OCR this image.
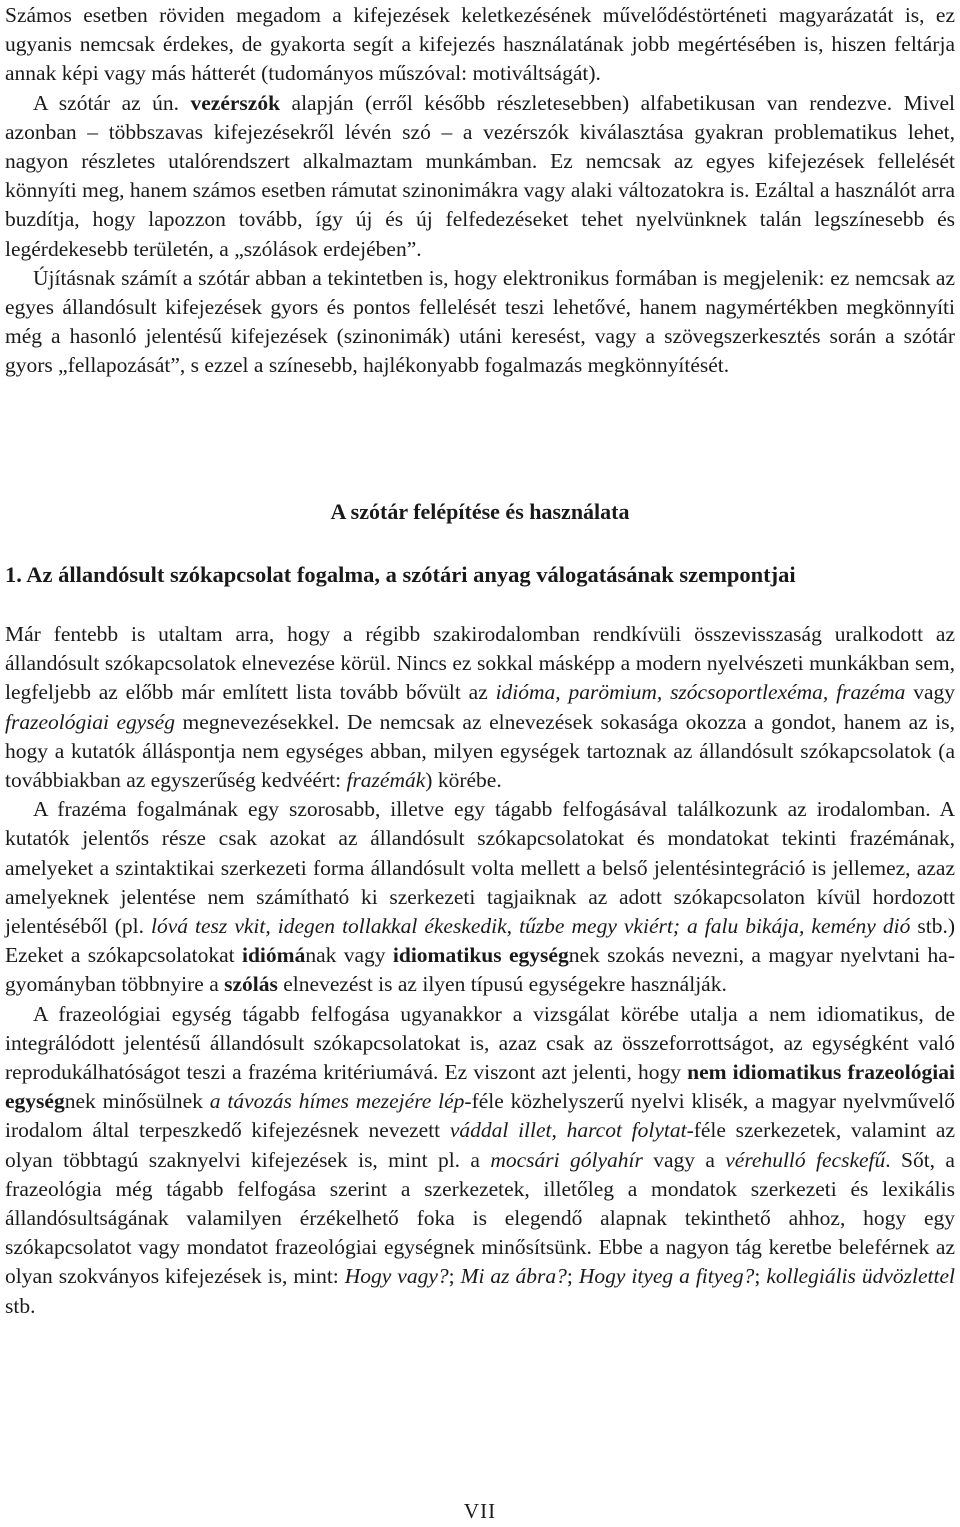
Számos esetben röviden megadom a kifejezések keletkezésének művelődéstörténeti magyarázatát is, ez ugyanis nemcsak érdekes, de gyakorta segít a kifejezés használatának jobb megértésében is, hiszen feltárja annak képi vagy más hátterét (tudományos műszóval: motiváltságát).

A szótár az ún. vezérszók alapján (erről később részletesebben) alfabetikusan van rendezve. Mivel azonban – többszavas kifejezésekről lévén szó – a vezérszók kiválasztása gyakran problematikus lehet, nagyon részletes utalórendszert alkalmaztam munkámban. Ez nemcsak az egyes kifejezések fellelését könnyíti meg, hanem számos esetben rámutat szinonimákra vagy alaki változatokra is. Ezáltal a használót arra buzdítja, hogy lapozzon tovább, így új és új felfedezéseket tehet nyelvünknek talán legszínesebb és legérdekesebb területén, a „szólások erdejében”.

Újításnak számít a szótár abban a tekintetben is, hogy elektronikus formában is megjelenik: ez nemcsak az egyes állandósult kifejezések gyors és pontos fellelését teszi lehetővé, hanem nagymértékben megkönnyíti még a hasonló jelentésű kifejezések (szinonimák) utáni keresést, vagy a szövegszerkesztés során a szótár gyors „fellapozását”, s ezzel a színesebb, hajlékonyabb fogalmazás megkönnyítését.

A szótár felépítése és használata
1. Az állandósult szókapcsolat fogalma, a szótári anyag válogatásának szempontjai

Már fentebb is utaltam arra, hogy a régibb szakirodalomban rendkívüli összevisszaság uralkodott az állandósult szókapcsolatok elnevezése körül. Nincs ez sokkal másképp a modern nyelvészeti munkákban sem, legfeljebb az előbb már említett lista tovább bővült az idióma, parömium, szócsoportlexéma, frazéma vagy frazeológiai egység megnevezésekkel. De nemcsak az elnevezések sokasága okozza a gondot, hanem az is, hogy a kutatók álláspontja nem egységes abban, milyen egységek tartoznak az állandósult szókapcsolatok (a továbbiakban az egyszerűség kedvéért: frazémák) körébe.

A frazéma fogalmának egy szorosabb, illetve egy tágabb felfogásával találkozunk az irodalomban. A kutatók jelentős része csak azokat az állandósult szókapcsolatokat és mondatokat tekinti frazémának, amelyeket a szintaktikai szerkezeti forma állandósult volta mellett a belső jelentésintegráció is jellemez, azaz amelyeknek jelentése nem számítható ki szerkezeti tagjaiknak az adott szókapcsolaton kívül hordozott jelentéséből (pl. lóvá tesz vkit, idegen tollakkal ékeskedik, tűzbe megy vkiért; a falu bikája, kemény dió stb.) Ezeket a szókapcsolatokat idiómának vagy idiomatikus egységnek szokás nevezni, a magyar nyelvtani hagyományban többnyire a szólás elnevezést is az ilyen típusú egységekre használják.

A frazeológiai egység tágabb felfogása ugyanakkor a vizsgálat körébe utalja a nem idiomatikus, de integrálódott jelentésű állandósult szókapcsolatokat is, azaz csak az összeforrottságot, az egységként való reprodukálhatóságot teszi a frazéma kritériumává. Ez viszont azt jelenti, hogy nem idiomatikus frazeológiai egységnek minősülnek a távozás hímes mezejére lép-féle közhelyszerű nyelvi klisék, a magyar nyelvművelő irodalom által terpeszkedő kifejezésnek nevezett váddal illet, harcot folytat-féle szerkezetek, valamint az olyan többtagú szaknyelvi kifejezések is, mint pl. a mocsári gólyahír vagy a vérehulló fecskefű. Sőt, a frazeológia még tágabb felfogása szerint a szerkezetek, illetőleg a mondatok szerkezeti és lexikális állandósultságának valamilyen érzékelhető foka is elegendő alapnak tekinthető ahhoz, hogy egy szókapcsolatot vagy mondatot frazeológiai egységnek minősítsünk. Ebbe a nagyon tág keretbe beleférnek az olyan szokványos kifejezések is, mint: Hogy vagy?; Mi az ábra?; Hogy ityeg a fityeg?; kollegiális üdvözlettel stb.

VII
